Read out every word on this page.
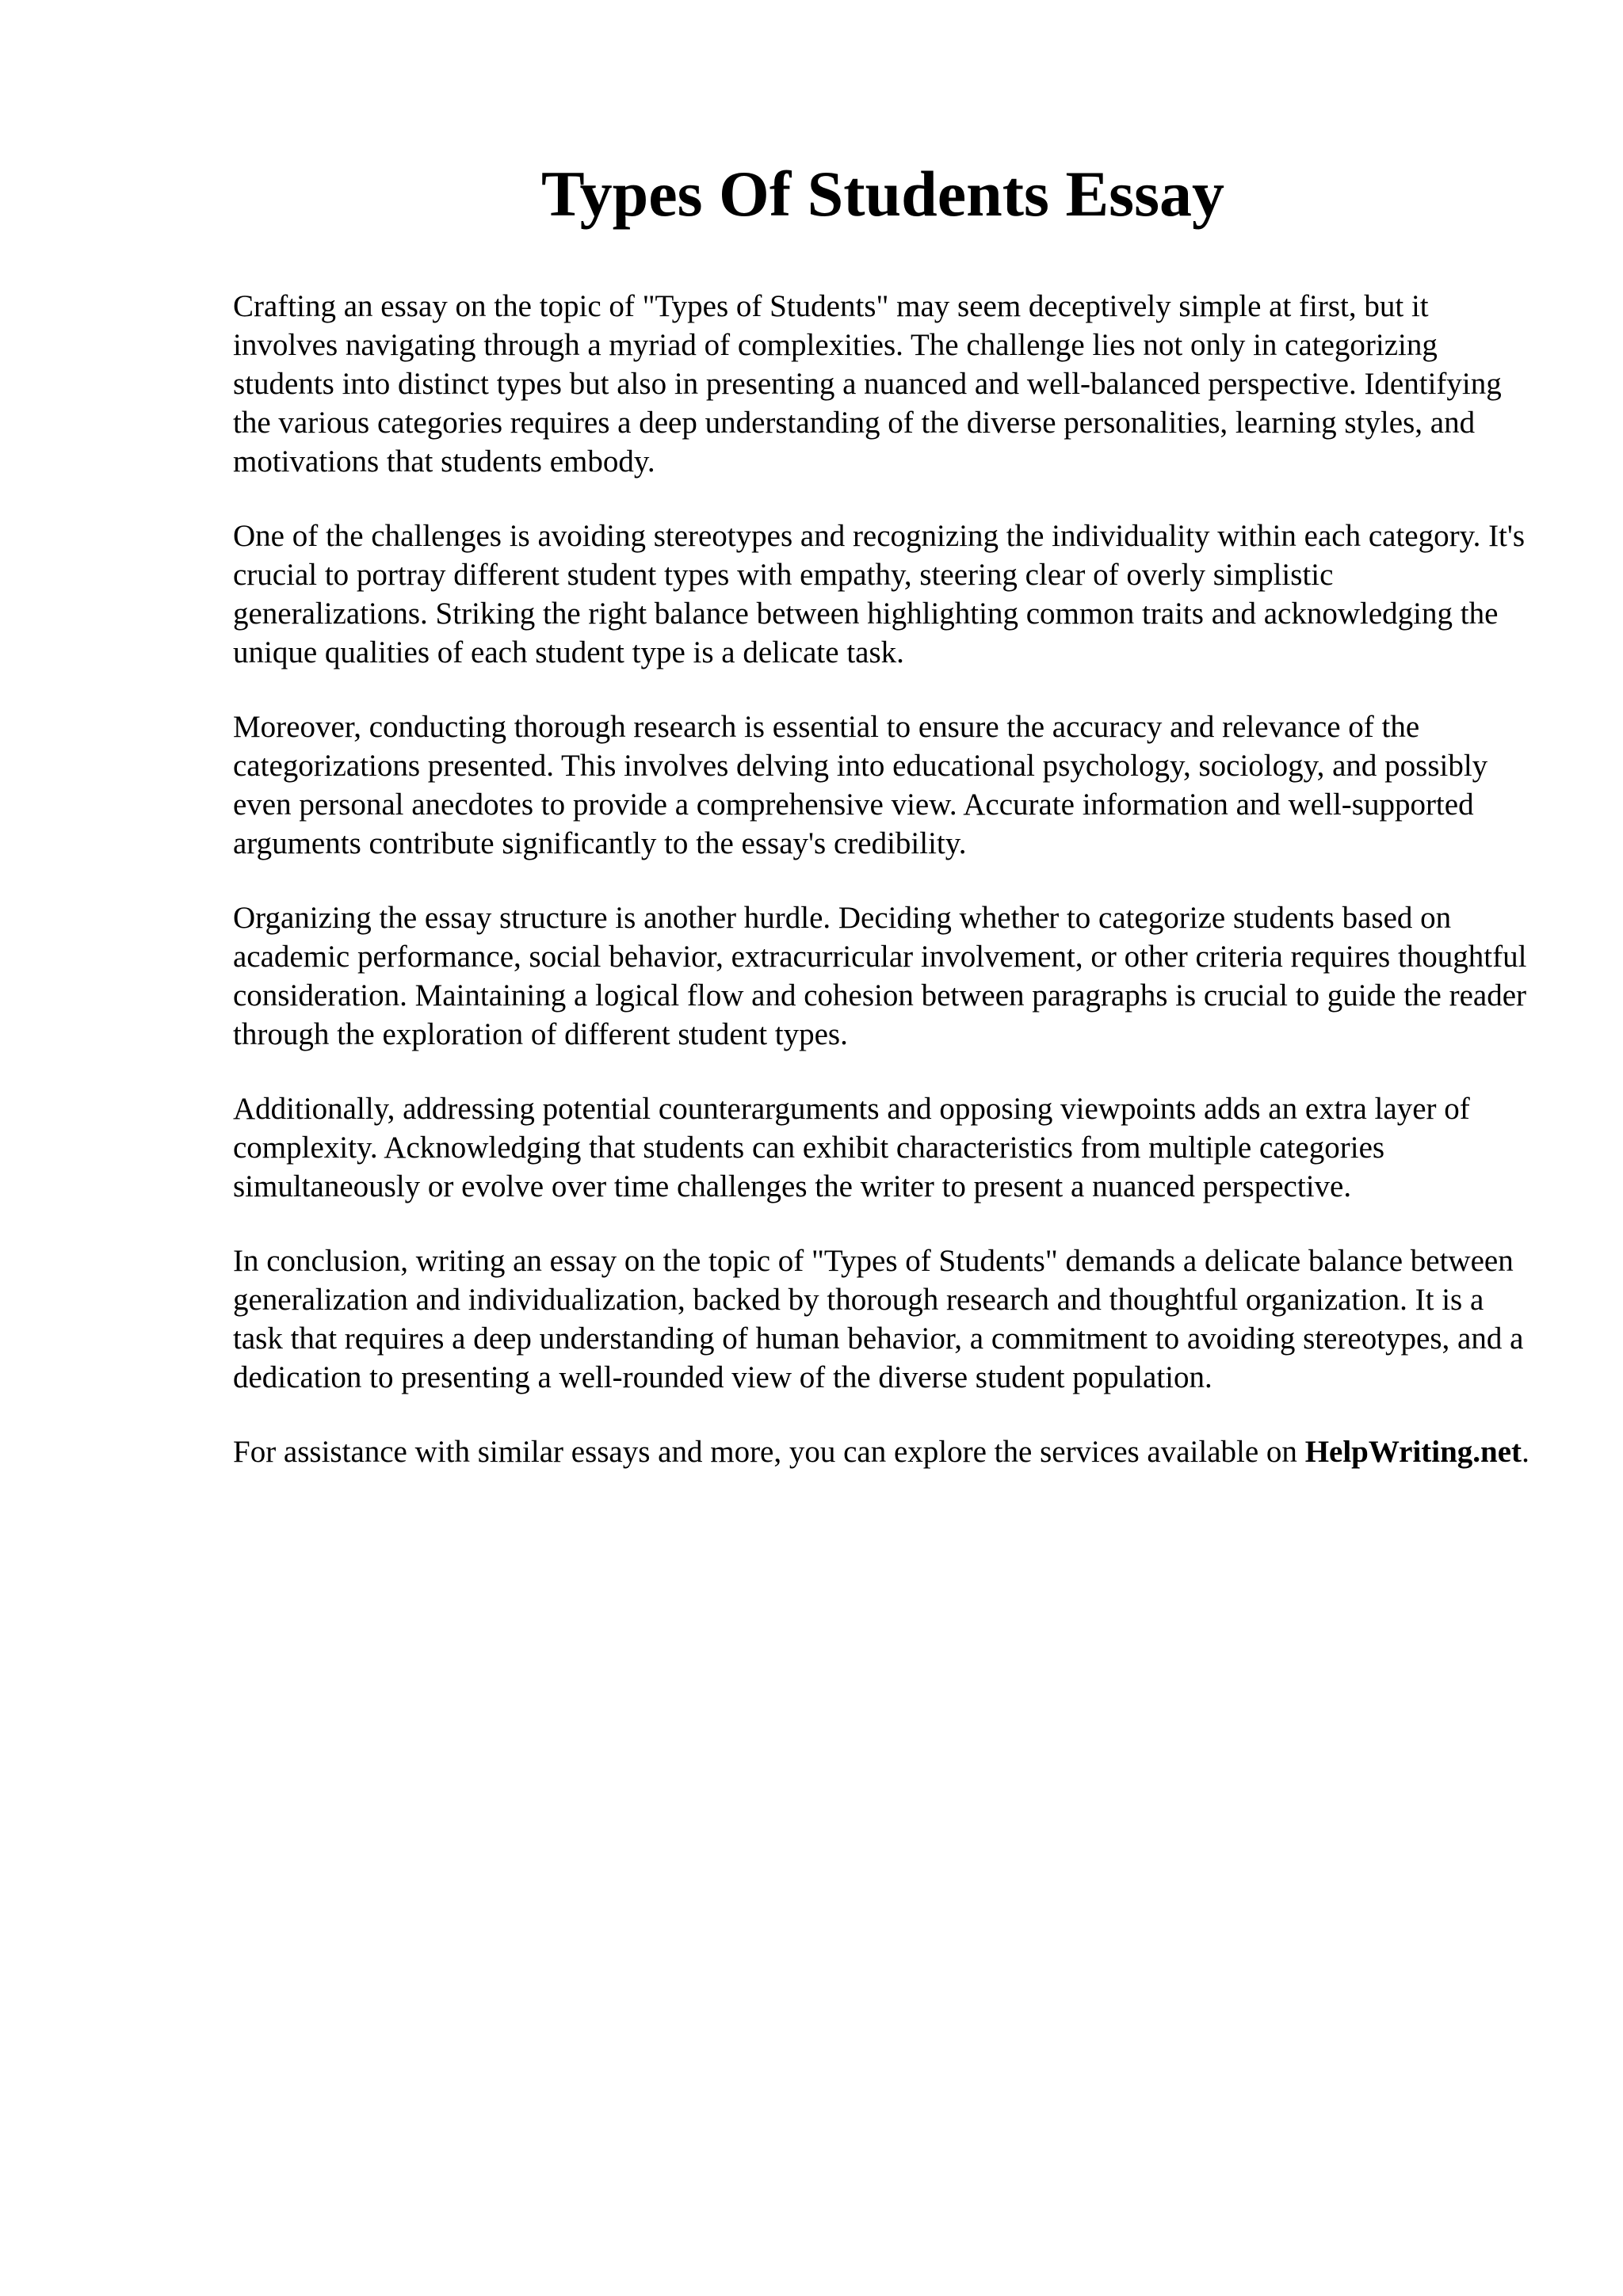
Types Of Students Essay

Crafting an essay on the topic of "Types of Students" may seem deceptively simple at first, but it involves navigating through a myriad of complexities. The challenge lies not only in categorizing students into distinct types but also in presenting a nuanced and well-balanced perspective. Identifying the various categories requires a deep understanding of the diverse personalities, learning styles, and motivations that students embody.

One of the challenges is avoiding stereotypes and recognizing the individuality within each category. It's crucial to portray different student types with empathy, steering clear of overly simplistic generalizations. Striking the right balance between highlighting common traits and acknowledging the unique qualities of each student type is a delicate task.

Moreover, conducting thorough research is essential to ensure the accuracy and relevance of the categorizations presented. This involves delving into educational psychology, sociology, and possibly even personal anecdotes to provide a comprehensive view. Accurate information and well-supported arguments contribute significantly to the essay's credibility.

Organizing the essay structure is another hurdle. Deciding whether to categorize students based on academic performance, social behavior, extracurricular involvement, or other criteria requires thoughtful consideration. Maintaining a logical flow and cohesion between paragraphs is crucial to guide the reader through the exploration of different student types.

Additionally, addressing potential counterarguments and opposing viewpoints adds an extra layer of complexity. Acknowledging that students can exhibit characteristics from multiple categories simultaneously or evolve over time challenges the writer to present a nuanced perspective.

In conclusion, writing an essay on the topic of "Types of Students" demands a delicate balance between generalization and individualization, backed by thorough research and thoughtful organization. It is a task that requires a deep understanding of human behavior, a commitment to avoiding stereotypes, and a dedication to presenting a well-rounded view of the diverse student population.

For assistance with similar essays and more, you can explore the services available on HelpWriting.net.
